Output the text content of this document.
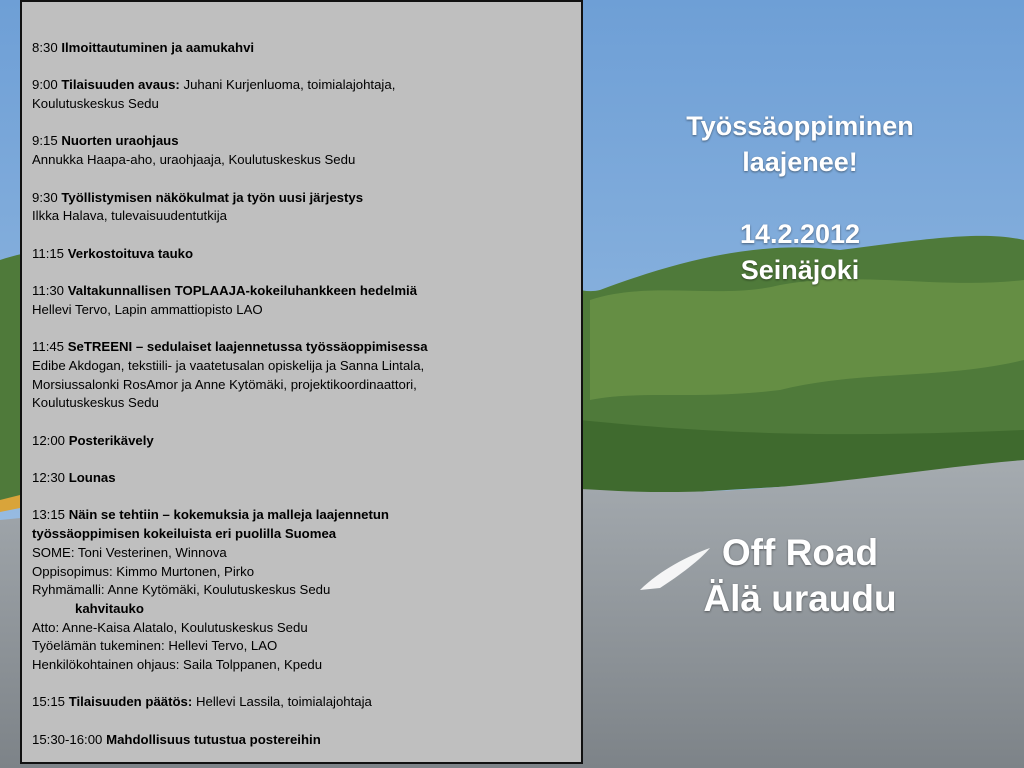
8:30 Ilmoittautuminen ja aamukahvi
9:00 Tilaisuuden avaus: Juhani Kurjenluoma, toimialajohtaja,
Koulutuskeskus Sedu
9:15 Nuorten uraohjaus
Annukka Haapa-aho, uraohjaaja, Koulutuskeskus Sedu
9:30 Työllistymisen näkökulmat ja työn uusi järjestys
Ilkka Halava, tulevaisuudentutkija
11:15 Verkostoituva tauko
11:30 Valtakunnallisen TOPLAAJA-kokeiluhankkeen hedelmiä
Hellevi Tervo, Lapin ammattiopisto LAO
11:45 SeTREENI – sedulaiset laajennetussa työssäoppimisessa
Edibe Akdogan, tekstiili- ja vaatetusalan opiskelija ja Sanna Lintala,
Morsiussalonki RosAmor ja Anne Kytömäki, projektikoordinaattori,
Koulutuskeskus Sedu
12:00 Posterikävely
12:30 Lounas
13:15 Näin se tehtiin – kokemuksia ja malleja laajennetun
työssäoppimisen kokeiluista eri puolilla Suomea
SOME: Toni Vesterinen, Winnova
Oppisopimus: Kimmo Murtonen, Pirko
Ryhmämalli: Anne Kytömäki, Koulutuskeskus Sedu
kahvitauko
Atto: Anne-Kaisa Alatalo, Koulutuskeskus Sedu
Työelämän tukeminen: Hellevi Tervo, LAO
Henkilökohtainen ohjaus: Saila Tolppanen, Kpedu
15:15 Tilaisuuden päätös: Hellevi Lassila, toimialajohtaja
15:30-16:00 Mahdollisuus tutustua postereihin
Työssäoppiminen
laajenee!
14.2.2012
Seinäjoki
Off Road
Älä uraudu
